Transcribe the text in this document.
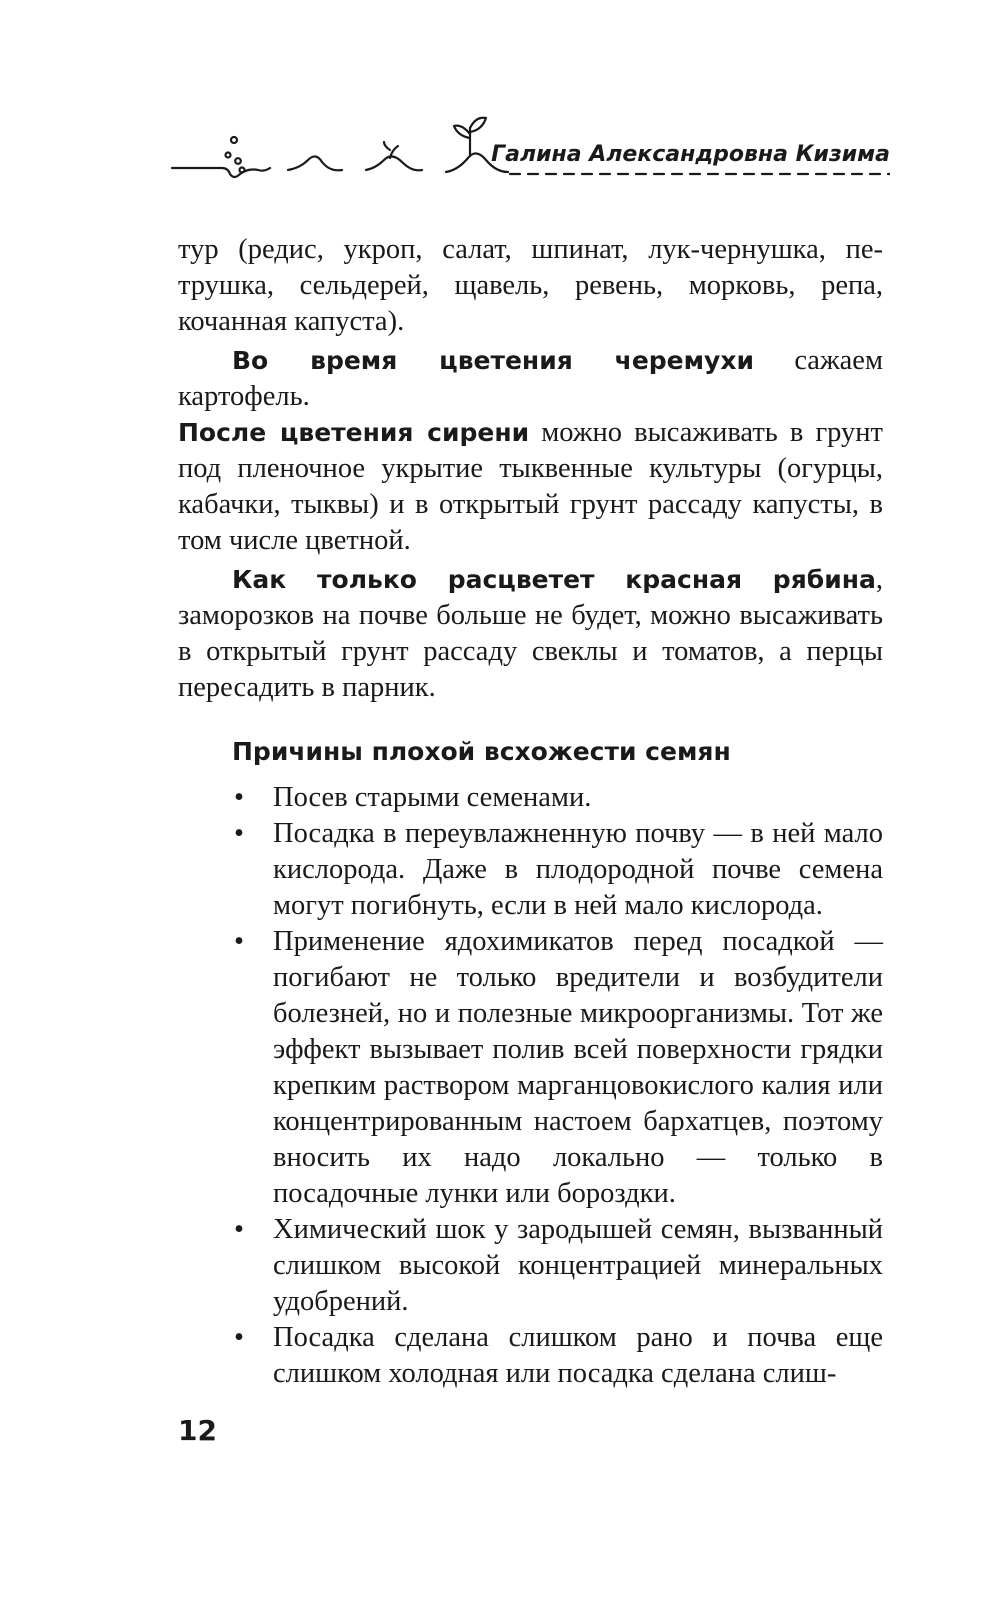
Галина Александровна Кизима

тур (редис, укроп, салат, шпинат, лук-чернушка, петрушка, сельдерей, щавель, ревень, морковь, репа, кочанная капуста).

Во время цветения черемухи сажаем картофель.

После цветения сирени можно высаживать в грунт под пленочное укрытие тыквенные культуры (огурцы, кабачки, тыквы) и в открытый грунт рассаду капусты, в том числе цветной.

Как только расцветет красная рябина, заморозков на почве больше не будет, можно высаживать в открытый грунт рассаду свеклы и томатов, а перцы пересадить в парник.

Причины плохой всхожести семян
• Посев старыми семенами.
• Посадка в переувлажненную почву — в ней мало кислорода. Даже в плодородной почве семена могут погибнуть, если в ней мало кислорода.
• Применение ядохимикатов перед посадкой — погибают не только вредители и возбудители болезней, но и полезные микроорганизмы. Тот же эффект вызывает полив всей поверхности грядки крепким раствором марганцовокислого калия или концентрированным настоем бархатцев, поэтому вносить их надо локально — только в посадочные лунки или бороздки.
• Химический шок у зародышей семян, вызванный слишком высокой концентрацией минеральных удобрений.
• Посадка сделана слишком рано и почва еще слишком холодная или посадка сделана слиш-
12
